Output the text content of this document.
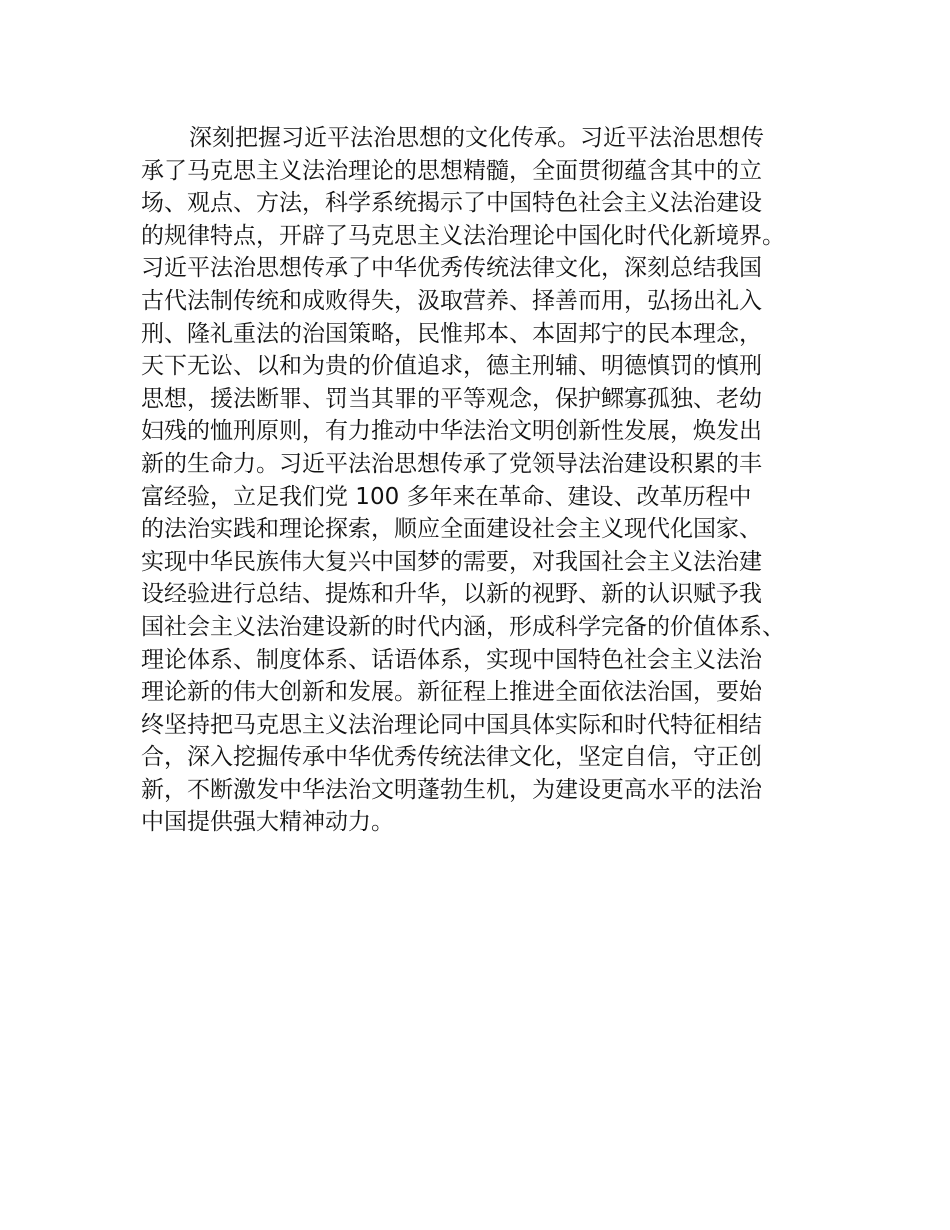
深刻把握习近平法治思想的文化传承。习近平法治思想传
承了马克思主义法治理论的思想精髓，全面贯彻蕴含其中的立
场、观点、方法，科学系统揭示了中国特色社会主义法治建设
的规律特点，开辟了马克思主义法治理论中国化时代化新境界。
习近平法治思想传承了中华优秀传统法律文化，深刻总结我国
古代法制传统和成败得失，汲取营养、择善而用，弘扬出礼入
刑、隆礼重法的治国策略，民惟邦本、本固邦宁的民本理念，
天下无讼、以和为贵的价值追求，德主刑辅、明德慎罚的慎刑
思想，援法断罪、罚当其罪的平等观念，保护鳏寡孤独、老幼
妇残的恤刑原则，有力推动中华法治文明创新性发展，焕发出
新的生命力。习近平法治思想传承了党领导法治建设积累的丰
富经验，立足我们党 100 多年来在革命、建设、改革历程中
的法治实践和理论探索，顺应全面建设社会主义现代化国家、
实现中华民族伟大复兴中国梦的需要，对我国社会主义法治建
设经验进行总结、提炼和升华，以新的视野、新的认识赋予我
国社会主义法治建设新的时代内涵，形成科学完备的价值体系、
理论体系、制度体系、话语体系，实现中国特色社会主义法治
理论新的伟大创新和发展。新征程上推进全面依法治国，要始
终坚持把马克思主义法治理论同中国具体实际和时代特征相结
合，深入挖掘传承中华优秀传统法律文化，坚定自信，守正创
新，不断激发中华法治文明蓬勃生机，为建设更高水平的法治
中国提供强大精神动力。
